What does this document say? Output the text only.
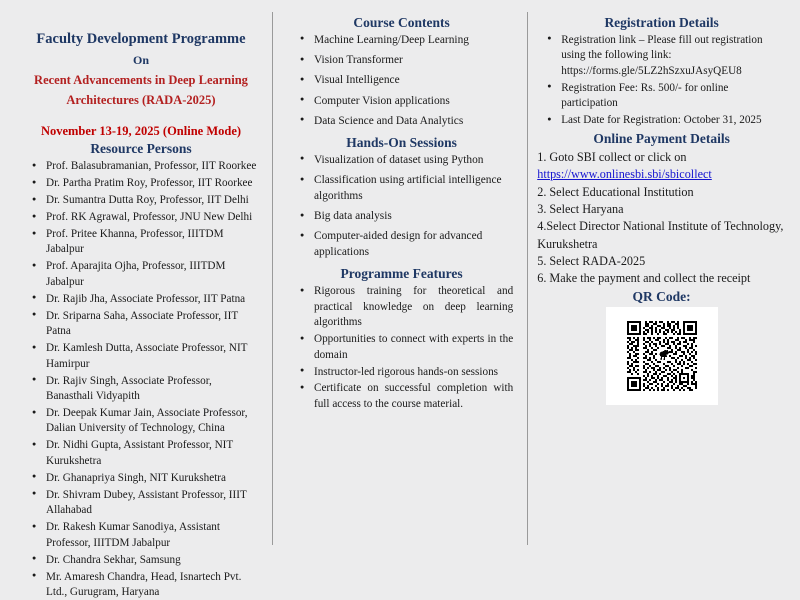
Faculty Development Programme
On
Recent Advancements in Deep Learning
Architectures (RADA-2025)
November 13-19, 2025 (Online Mode)
Resource Persons
● Prof. Balasubramanian, Professor, IIT Roorkee
● Dr. Partha Pratim Roy, Professor, IIT Roorkee
● Dr. Sumantra Dutta Roy, Professor, IIT Delhi
● Prof. RK Agrawal, Professor, JNU New Delhi
● Prof. Pritee Khanna, Professor, IIITDM Jabalpur
● Prof. Aparajita Ojha, Professor, IIITDM Jabalpur
● Dr. Rajib Jha, Associate Professor, IIT Patna
● Dr. Sriparna Saha, Associate Professor, IIT Patna
● Dr. Kamlesh Dutta, Associate Professor, NIT Hamirpur
● Dr. Rajiv Singh, Associate Professor, Banasthali Vidyapith
● Dr. Deepak Kumar Jain, Associate Professor, Dalian University of Technology, China
● Dr. Nidhi Gupta, Assistant Professor, NIT Kurukshetra
● Dr. Ghanapriya Singh, NIT Kurukshetra
● Dr. Shivram Dubey, Assistant Professor, IIIT Allahabad
● Dr. Rakesh Kumar Sanodiya, Assistant Professor, IIITDM Jabalpur
● Dr. Chandra Sekhar, Samsung
● Mr. Amaresh Chandra, Head, Isnartech Pvt. Ltd., Gurugram, Haryana
Course Contents
● Machine Learning/Deep Learning
● Vision Transformer
● Visual Intelligence
● Computer Vision applications
● Data Science and Data Analytics
Hands-On Sessions
● Visualization of dataset using Python
● Classification using artificial intelligence algorithms
● Big data analysis
● Computer-aided design for advanced applications
Programme Features
● Rigorous training for theoretical and practical knowledge on deep learning algorithms
● Opportunities to connect with experts in the domain
● Instructor-led rigorous hands-on sessions
● Certificate on successful completion with full access to the course material.
Registration Details
● Registration link – Please fill out registration using the following link:
https://forms.gle/5LZ2hSzxuJAsyQEU8
● Registration Fee: Rs. 500/- for online participation
● Last Date for Registration: October 31, 2025
Online Payment Details
1. Goto SBI collect or click on
https://www.onlinesbi.sbi/sbicollect
2. Select Educational Institution
3. Select Haryana
4.Select Director National Institute of Technology, Kurukshetra
5. Select RADA-2025
6. Make the payment and collect the receipt
QR Code:
